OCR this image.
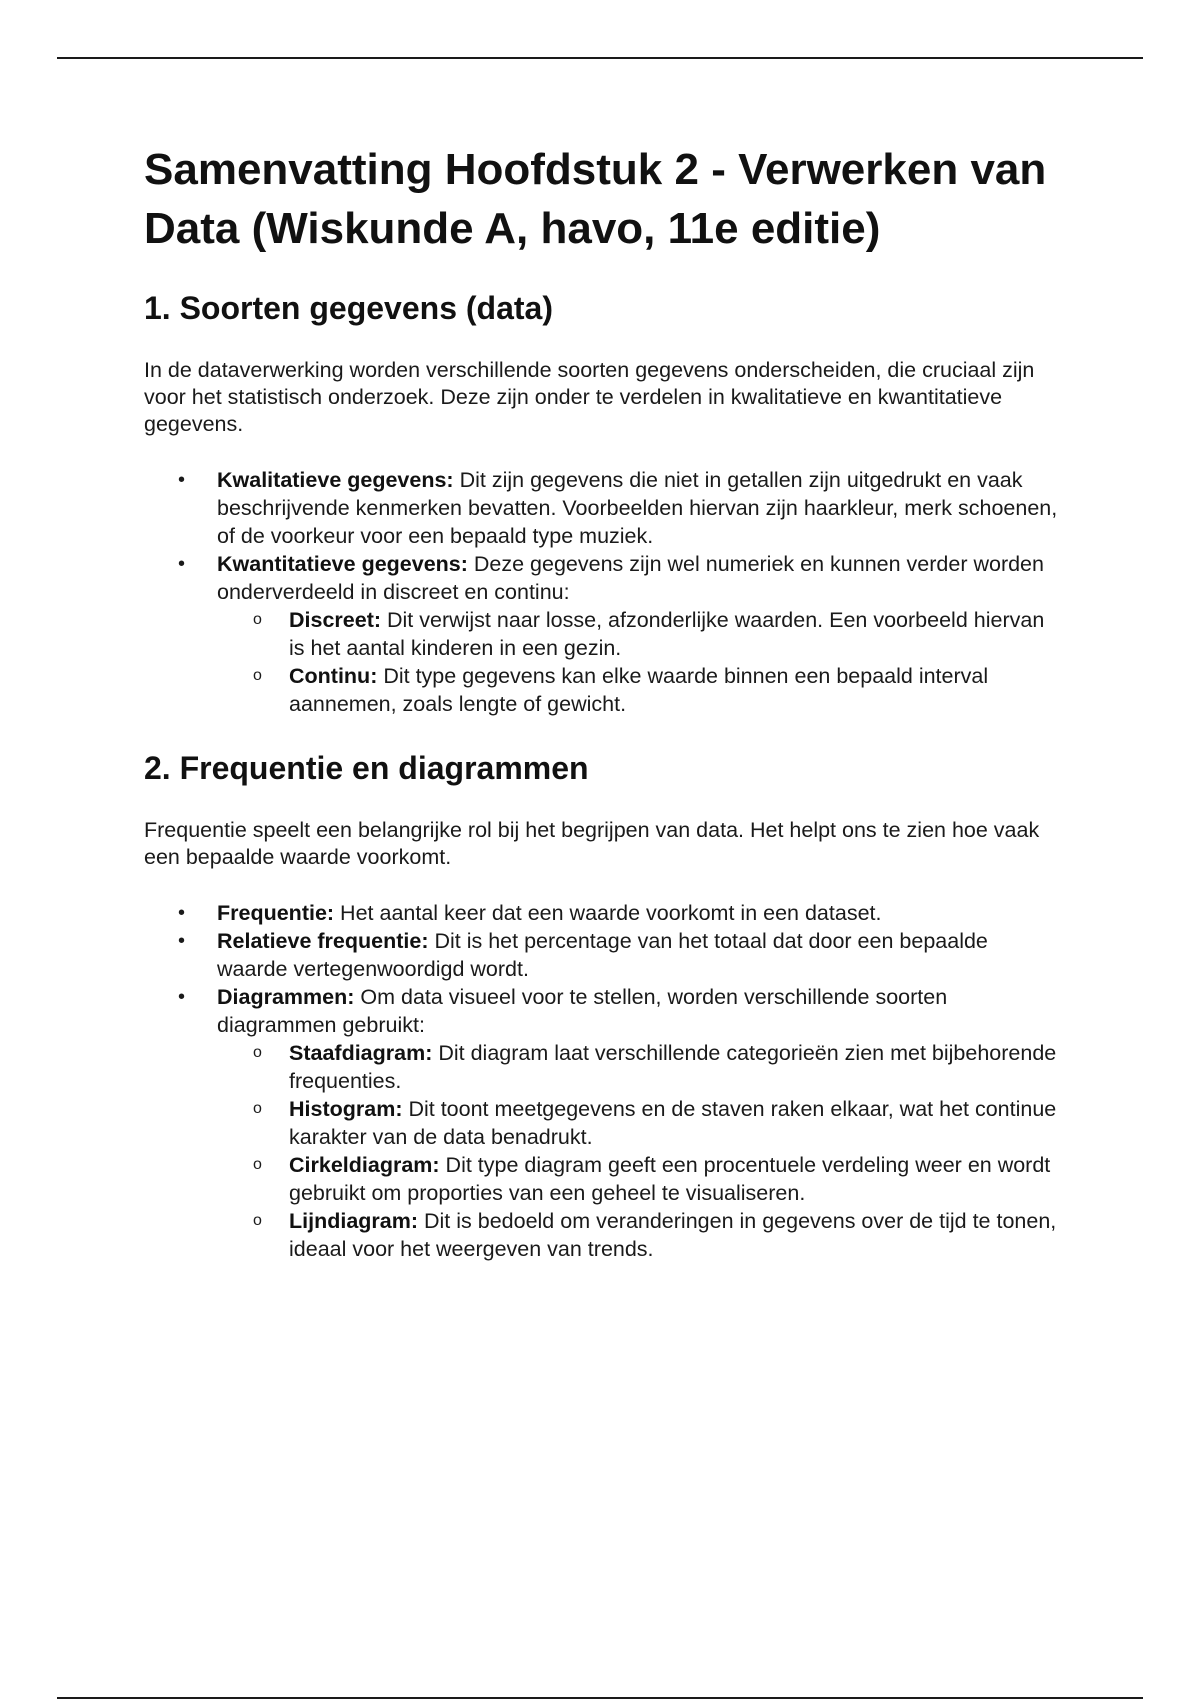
Samenvatting Hoofdstuk 2 - Verwerken van Data (Wiskunde A, havo, 11e editie)
1. Soorten gegevens (data)

In de dataverwerking worden verschillende soorten gegevens onderscheiden, die cruciaal zijn voor het statistisch onderzoek. Deze zijn onder te verdelen in kwalitatieve en kwantitatieve gegevens.

• Kwalitatieve gegevens: Dit zijn gegevens die niet in getallen zijn uitgedrukt en vaak beschrijvende kenmerken bevatten. Voorbeelden hiervan zijn haarkleur, merk schoenen, of de voorkeur voor een bepaald type muziek.
• Kwantitatieve gegevens: Deze gegevens zijn wel numeriek en kunnen verder worden onderverdeeld in discreet en continu:
o Discreet: Dit verwijst naar losse, afzonderlijke waarden. Een voorbeeld hiervan is het aantal kinderen in een gezin.
o Continu: Dit type gegevens kan elke waarde binnen een bepaald interval aannemen, zoals lengte of gewicht.
2. Frequentie en diagrammen

Frequentie speelt een belangrijke rol bij het begrijpen van data. Het helpt ons te zien hoe vaak een bepaalde waarde voorkomt.

• Frequentie: Het aantal keer dat een waarde voorkomt in een dataset.
• Relatieve frequentie: Dit is het percentage van het totaal dat door een bepaalde waarde vertegenwoordigd wordt.
• Diagrammen: Om data visueel voor te stellen, worden verschillende soorten diagrammen gebruikt:
o Staafdiagram: Dit diagram laat verschillende categorieën zien met bijbehorende frequenties.
o Histogram: Dit toont meetgegevens en de staven raken elkaar, wat het continue karakter van de data benadrukt.
o Cirkeldiagram: Dit type diagram geeft een procentuele verdeling weer en wordt gebruikt om proporties van een geheel te visualiseren.
o Lijndiagram: Dit is bedoeld om veranderingen in gegevens over de tijd te tonen, ideaal voor het weergeven van trends.
